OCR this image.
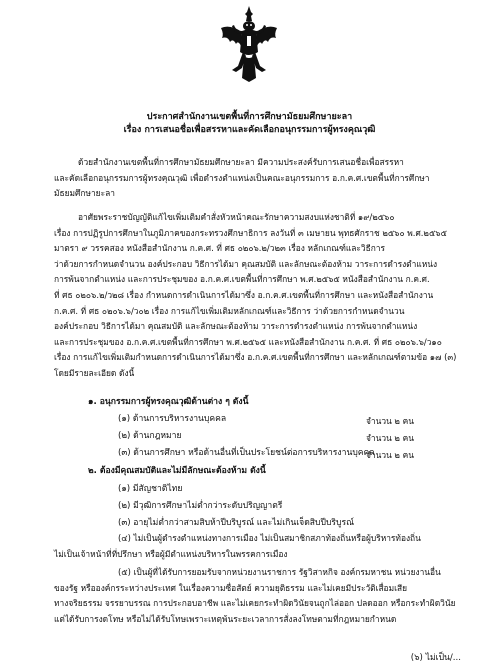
ประกาศสำนักงานเขตพื้นที่การศึกษามัธยมศึกษายะลา
เรื่อง การเสนอชื่อเพื่อสรรหาและคัดเลือกอนุกรรมการผู้ทรงคุณวุฒิ
ด้วยสำนักงานเขตพื้นที่การศึกษามัธยมศึกษายะลา มีความประสงค์รับการเสนอชื่อเพื่อสรรหา
และคัดเลือกอนุกรรมการผู้ทรงคุณวุฒิ เพื่อดำรงตำแหน่งเป็นคณะอนุกรรมการ อ.ก.ค.ศ.เขตพื้นที่การศึกษา
มัธยมศึกษายะลา
อาศัยพระราชบัญญัติแก้ไขเพิ่มเติมคำสั่งหัวหน้าคณะรักษาความสงบแห่งชาติที่ ๑๙/๒๕๖๐
เรื่อง การปฏิรูปการศึกษาในภูมิภาคของกระทรวงศึกษาธิการ ลงวันที่ ๓ เมษายน พุทธศักราช ๒๕๖๐ พ.ศ.๒๕๖๕
มาตรา ๙ วรรคสอง หนังสือสำนักงาน ก.ค.ศ. ที่ ศธ ๐๒๐๖.๒/ว๒๓ เรื่อง หลักเกณฑ์และวิธีการ
ว่าด้วยการกำหนดจำนวน องค์ประกอบ วิธีการได้มา คุณสมบัติ และลักษณะต้องห้าม วาระการดำรงตำแหน่ง
การพ้นจากตำแหน่ง และการประชุมของ อ.ก.ค.ศ.เขตพื้นที่การศึกษา พ.ศ.๒๕๖๕ หนังสือสำนักงาน ก.ค.ศ.
ที่ ศธ ๐๒๐๖.๒/ว๒๘ เรื่อง กำหนดการดำเนินการได้มาซึ่ง อ.ก.ค.ศ.เขตพื้นที่การศึกษา และหนังสือสำนักงาน
ก.ค.ศ. ที่ ศธ ๐๒๐๖.๖/ว๐๒ เรื่อง การแก้ไขเพิ่มเติมหลักเกณฑ์และวิธีการ ว่าด้วยการกำหนดจำนวน
องค์ประกอบ วิธีการได้มา คุณสมบัติ และลักษณะต้องห้าม วาระการดำรงตำแหน่ง การพ้นจากตำแหน่ง
และการประชุมของ อ.ก.ค.ศ.เขตพื้นที่การศึกษา พ.ศ.๒๕๖๕ และหนังสือสำนักงาน ก.ค.ศ. ที่ ศธ ๐๒๐๖.๖/ว๑๐
เรื่อง การแก้ไขเพิ่มเติมกำหนดการดำเนินการได้มาซึ่ง อ.ก.ค.ศ.เขตพื้นที่การศึกษา และหลักเกณฑ์ตามข้อ ๑๗ (๓)
โดยมีรายละเอียด ดังนี้
๑. อนุกรรมการผู้ทรงคุณวุฒิด้านต่าง ๆ ดังนี้
(๑) ด้านการบริหารงานบุคคล	จำนวน ๒ คน
(๒) ด้านกฎหมาย	จำนวน ๒ คน
(๓) ด้านการศึกษา หรือด้านอื่นที่เป็นประโยชน์ต่อการบริหารงานบุคคล
จำนวน ๒ คน
๒. ต้องมีคุณสมบัติและไม่มีลักษณะต้องห้าม ดังนี้
(๑) มีสัญชาติไทย
(๒) มีวุฒิการศึกษาไม่ต่ำกว่าระดับปริญญาตรี
(๓) อายุไม่ต่ำกว่าสามสิบห้าปีบริบูรณ์ และไม่เกินเจ็ดสิบปีบริบูรณ์
(๔) ไม่เป็นผู้ดำรงตำแหน่งทางการเมือง ไม่เป็นสมาชิกสภาท้องถิ่นหรือผู้บริหารท้องถิ่น
ไม่เป็นเจ้าหน้าที่ที่ปรึกษา หรือผู้มีตำแหน่งบริหารในพรรคการเมือง
(๕) เป็นผู้ที่ได้รับการยอมรับจากหน่วยงานราชการ รัฐวิสาหกิจ องค์กรมหาชน หน่วยงานอื่น
ของรัฐ หรือองค์กรระหว่างประเทศ ในเรื่องความซื่อสัตย์ ความยุติธรรม และไม่เคยมีประวัติเสื่อมเสีย
ทางจริยธรรม จรรยาบรรณ การประกอบอาชีพ และไม่เคยกระทำผิดวินัยจนถูกไล่ออก ปลดออก หรือกระทำผิดวินัย
แต่ได้รับการงดโทษ หรือไม่ได้รับโทษเพราะเหตุพ้นระยะเวลาการสั่งลงโทษตามที่กฎหมายกำหนด
(๖) ไม่เป็น/...
